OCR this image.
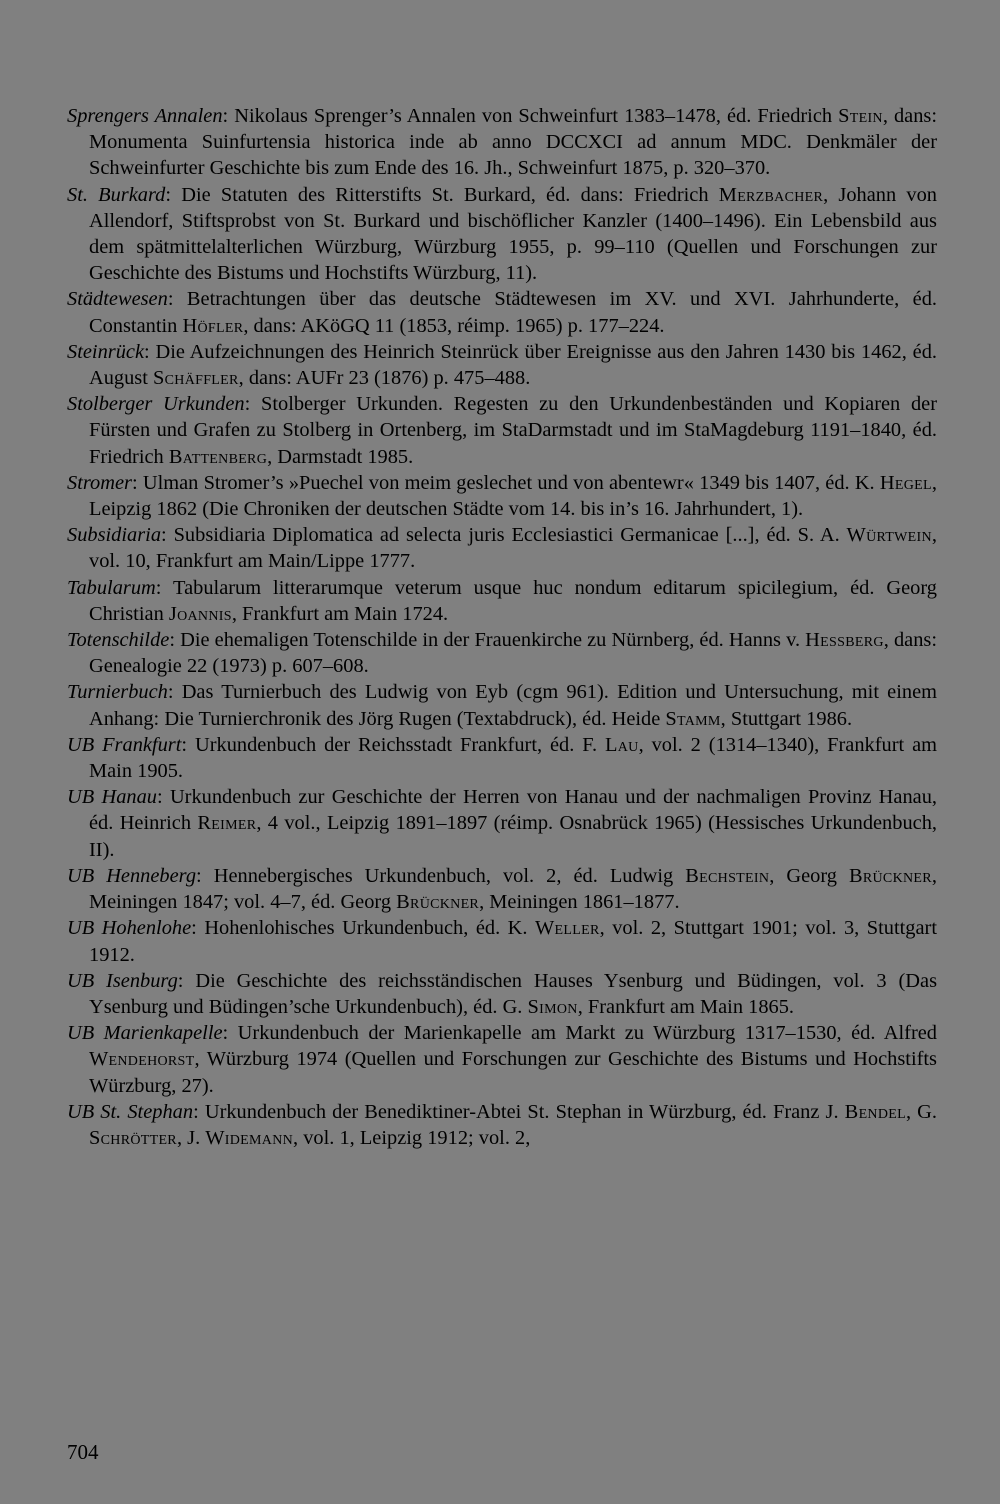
Sprengers Annalen: Nikolaus Sprenger’s Annalen von Schweinfurt 1383–1478, éd. Friedrich Stein, dans: Monumenta Suinfurtensia historica inde ab anno DCCXCI ad annum MDC. Denkmäler der Schweinfurter Geschichte bis zum Ende des 16. Jh., Schweinfurt 1875, p. 320–370.

St. Burkard: Die Statuten des Ritterstifts St. Burkard, éd. dans: Friedrich Merzbacher, Johann von Allendorf, Stiftsprobst von St. Burkard und bischöflicher Kanzler (1400–1496). Ein Lebensbild aus dem spätmittelalterlichen Würzburg, Würzburg 1955, p. 99–110 (Quellen und Forschungen zur Geschichte des Bistums und Hochstifts Würzburg, 11).

Städtewesen: Betrachtungen über das deutsche Städtewesen im XV. und XVI. Jahrhunderte, éd. Constantin Höfler, dans: AKöGQ 11 (1853, réimp. 1965) p. 177–224.

Steinrück: Die Aufzeichnungen des Heinrich Steinrück über Ereignisse aus den Jahren 1430 bis 1462, éd. August Schäffler, dans: AUFr 23 (1876) p. 475–488.

Stolberger Urkunden: Stolberger Urkunden. Regesten zu den Urkundenbeständen und Kopiaren der Fürsten und Grafen zu Stolberg in Ortenberg, im StaDarmstadt und im StaMagdeburg 1191–1840, éd. Friedrich Battenberg, Darmstadt 1985.

Stromer: Ulman Stromer’s »Puechel von meim geslechet und von abentewr« 1349 bis 1407, éd. K. Hegel, Leipzig 1862 (Die Chroniken der deutschen Städte vom 14. bis in’s 16. Jahrhundert, 1).

Subsidiaria: Subsidiaria Diplomatica ad selecta juris Ecclesiastici Germanicae [...], éd. S. A. Würtwein, vol. 10, Frankfurt am Main/Lippe 1777.

Tabularum: Tabularum litterarumque veterum usque huc nondum editarum spicilegium, éd. Georg Christian Joannis, Frankfurt am Main 1724.

Totenschilde: Die ehemaligen Totenschilde in der Frauenkirche zu Nürnberg, éd. Hanns v. Hessberg, dans: Genealogie 22 (1973) p. 607–608.

Turnierbuch: Das Turnierbuch des Ludwig von Eyb (cgm 961). Edition und Untersuchung, mit einem Anhang: Die Turnierchronik des Jörg Rugen (Textabdruck), éd. Heide Stamm, Stuttgart 1986.

UB Frankfurt: Urkundenbuch der Reichsstadt Frankfurt, éd. F. Lau, vol. 2 (1314–1340), Frankfurt am Main 1905.

UB Hanau: Urkundenbuch zur Geschichte der Herren von Hanau und der nachmaligen Provinz Hanau, éd. Heinrich Reimer, 4 vol., Leipzig 1891–1897 (réimp. Osnabrück 1965) (Hessisches Urkundenbuch, II).

UB Henneberg: Hennebergisches Urkundenbuch, vol. 2, éd. Ludwig Bechstein, Georg Brückner, Meiningen 1847; vol. 4–7, éd. Georg Brückner, Meiningen 1861–1877.

UB Hohenlohe: Hohenlohisches Urkundenbuch, éd. K. Weller, vol. 2, Stuttgart 1901; vol. 3, Stuttgart 1912.

UB Isenburg: Die Geschichte des reichsständischen Hauses Ysenburg und Büdingen, vol. 3 (Das Ysenburg und Büdingen’sche Urkundenbuch), éd. G. Simon, Frankfurt am Main 1865.

UB Marienkapelle: Urkundenbuch der Marienkapelle am Markt zu Würzburg 1317–1530, éd. Alfred Wendehorst, Würzburg 1974 (Quellen und Forschungen zur Geschichte des Bistums und Hochstifts Würzburg, 27).

UB St. Stephan: Urkundenbuch der Benediktiner-Abtei St. Stephan in Würzburg, éd. Franz J. Bendel, G. Schrötter, J. Widemann, vol. 1, Leipzig 1912; vol. 2,

704
